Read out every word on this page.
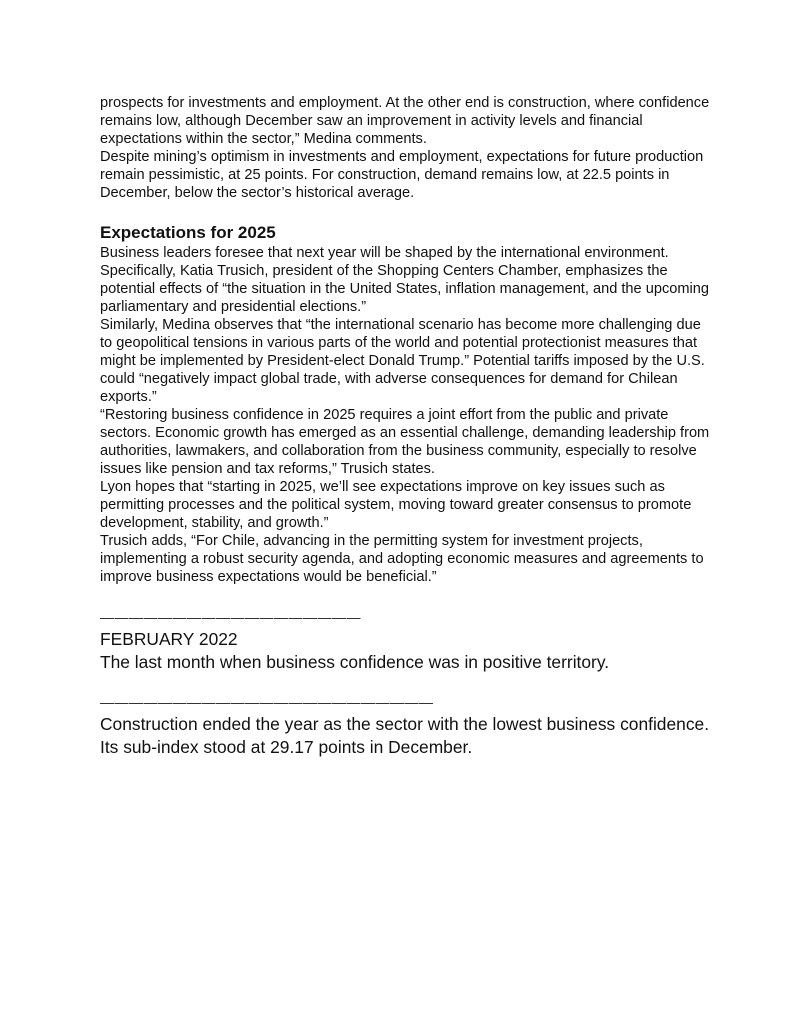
prospects for investments and employment. At the other end is construction, where confidence remains low, although December saw an improvement in activity levels and financial expectations within the sector,” Medina comments.

Despite mining’s optimism in investments and employment, expectations for future production remain pessimistic, at 25 points. For construction, demand remains low, at 22.5 points in December, below the sector’s historical average.

Expectations for 2025

Business leaders foresee that next year will be shaped by the international environment. Specifically, Katia Trusich, president of the Shopping Centers Chamber, emphasizes the potential effects of “the situation in the United States, inflation management, and the upcoming parliamentary and presidential elections.”

Similarly, Medina observes that “the international scenario has become more challenging due to geopolitical tensions in various parts of the world and potential protectionist measures that might be implemented by President-elect Donald Trump.” Potential tariffs imposed by the U.S. could “negatively impact global trade, with adverse consequences for demand for Chilean exports.”

“Restoring business confidence in 2025 requires a joint effort from the public and private sectors. Economic growth has emerged as an essential challenge, demanding leadership from authorities, lawmakers, and collaboration from the business community, especially to resolve issues like pension and tax reforms,” Trusich states.

Lyon hopes that “starting in 2025, we’ll see expectations improve on key issues such as permitting processes and the political system, moving toward greater consensus to promote development, stability, and growth.”

Trusich adds, “For Chile, advancing in the permitting system for investment projects, implementing a robust security agenda, and adopting economic measures and agreements to improve business expectations would be beneficial.”

——————————————————

FEBRUARY 2022

The last month when business confidence was in positive territory.

———————————————————————

Construction ended the year as the sector with the lowest business confidence. Its sub-index stood at 29.17 points in December.
